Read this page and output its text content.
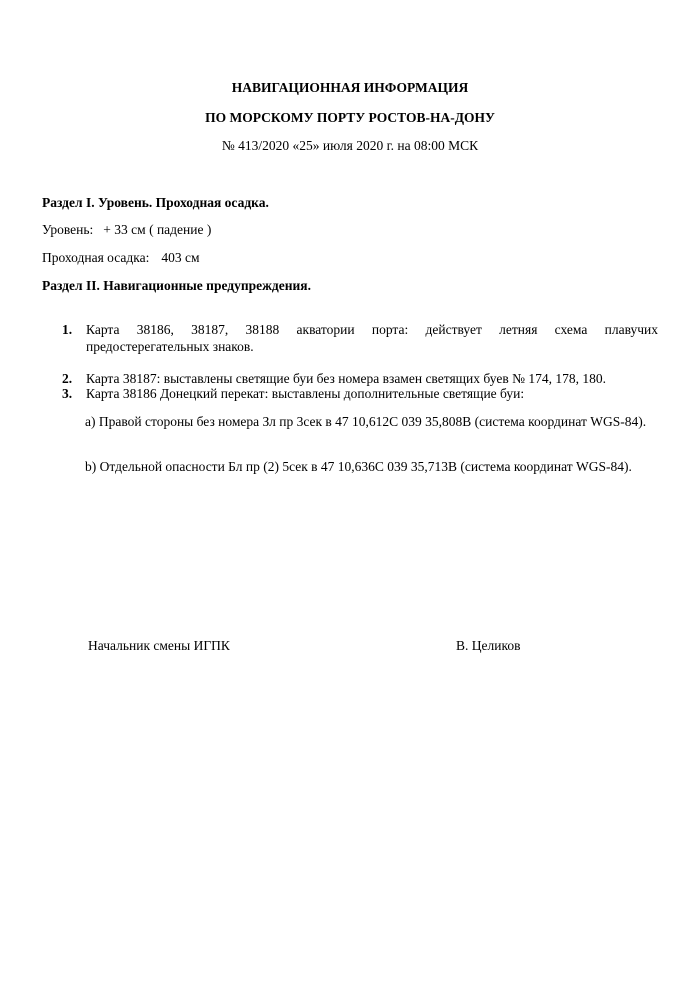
НАВИГАЦИОННАЯ ИНФОРМАЦИЯ
ПО МОРСКОМУ ПОРТУ РОСТОВ-НА-ДОНУ
№ 413/2020 «25» июля 2020 г. на 08:00 МСК
Раздел I. Уровень. Проходная осадка.
Уровень: + 33 см ( падение )
Проходная осадка: 403 см
Раздел II. Навигационные предупреждения.
1.	Карта 38186, 38187, 38188 акватории порта: действует летняя схема плавучих предостерегательных знаков.
2.	Карта 38187: выставлены светящие буи без номера взамен светящих буев № 174, 178, 180.
3.	Карта 38186 Донецкий перекат: выставлены дополнительные светящие буи:
а) Правой стороны без номера Зл пр 3сек в 47 10,612С 039 35,808В (система координат WGS-84).
b) Отдельной опасности Бл пр (2) 5сек в 47 10,636С 039 35,713В (система координат WGS-84).
Начальник смены ИГПК	В. Целиков
